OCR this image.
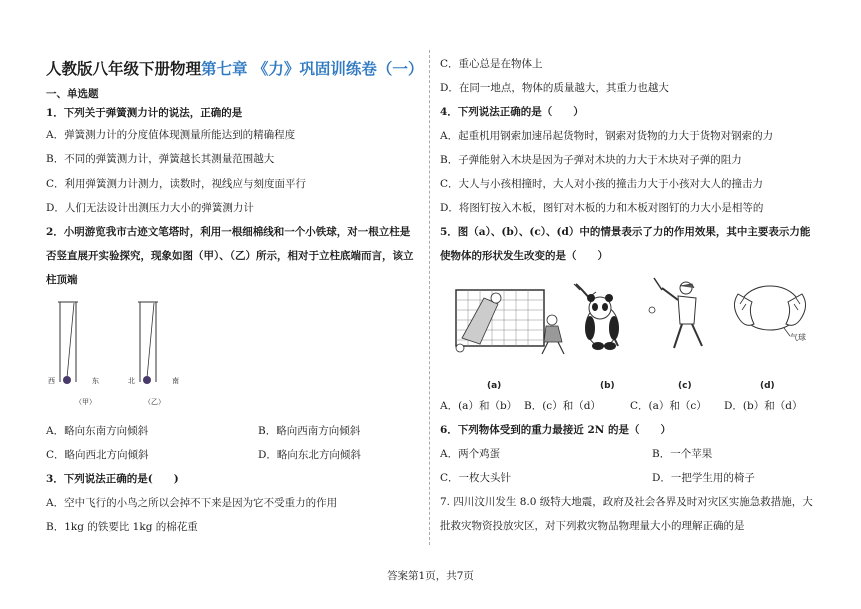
人教版八年级下册物理第七章 《力》巩固训练卷（一）
一、单选题
1．下列关于弹簧测力计的说法，正确的是
A．弹簧测力计的分度值体现测量所能达到的精确程度
B．不同的弹簧测力计，弹簧越长其测量范围越大
C．利用弹簧测力计测力，读数时，视线应与刻度面平行
D．人们无法设计出测压力大小的弹簧测力计
2．小明游览我市古迹文笔塔时，利用一根细棉线和一个小铁球，对一根立柱是
否竖直展开实验探究，现象如图（甲）、（乙）所示，相对于立柱底端而言，该立
柱顶端
西	东
（甲）
北	南
（乙）
A．略向东南方向倾斜	B．略向西南方向倾斜
C．略向西北方向倾斜	D．略向东北方向倾斜
3．下列说法正确的是(　　)
A．空中飞行的小鸟之所以会掉不下来是因为它不受重力的作用
B．1kg 的铁要比 1kg 的棉花重
C．重心总是在物体上
D．在同一地点，物体的质量越大，其重力也越大
4．下列说法正确的是（　　）
A．起重机用钢索加速吊起货物时，钢索对货物的力大于货物对钢索的力
B．子弹能射入木块是因为子弹对木块的力大于木块对子弹的阻力
C．大人与小孩相撞时，大人对小孩的撞击力大于小孩对大人的撞击力
D．将图钉按入木板，图钉对木板的力和木板对图钉的力大小是相等的
5．图（a）、(b）、(c）、(d）中的情景表示了力的作用效果，其中主要表示力能
使物体的形状发生改变的是（　　）
(a)	(b)	(c)
气球
(d)
A．(a）和（b） B．(c）和（d）	C．(a）和（c） D．(b）和（d）
6．下列物体受到的重力最接近 2N 的是（　　）
A．两个鸡蛋	B．一个苹果
C．一枚大头针	D．一把学生用的椅子
7. 四川汶川发生 8.0 级特大地震，政府及社会各界及时对灾区实施急救措施，大
批救灾物资投放灾区，对下列救灾物品物理量大小的理解正确的是
答案第1页，共7页
